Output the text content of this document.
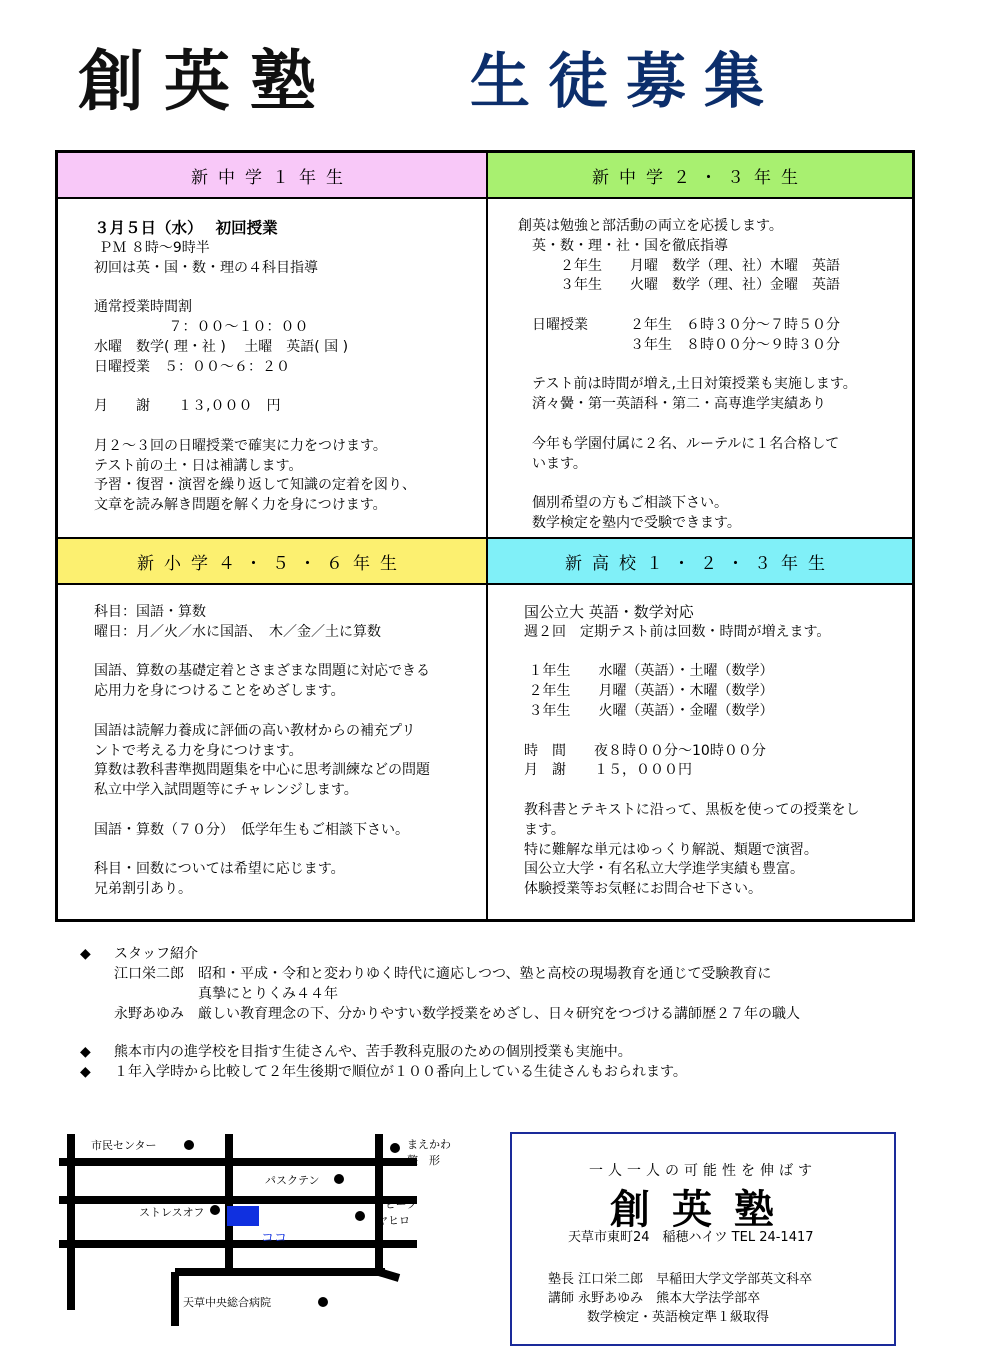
創英塾 生徒募集
新中学１年生	新中学２・３年生
３月５日（水）　 初回授業
ＰＭ ８時〜9時半
初回は英・国・数・理の４科目指導
通常授業時間割
　　　　　 ７：００〜１０：００
水曜　数学( 理・社 )　 土曜　英語( 国 )
日曜授業　５：００〜６：２０
月　　謝　　１３,０００　円
月２〜３回の日曜授業で確実に力をつけます。
テスト前の土・日は補講します。
予習・復習・演習を繰り返して知識の定着を図り、
文章を読み解き問題を解く力を身につけます。
創英は勉強と部活動の両立を応援します。
　英・数・理・社・国を徹底指導
　　　２年生　　月曜　数学（理、社）木曜　英語
　　　３年生　　火曜　数学（理、社）金曜　英語
　日曜授業　　　２年生　６時３０分〜７時５０分
　　　　　　　　３年生　８時００分〜９時３０分
　テスト前は時間が増え,土日対策授業も実施します。
　済々黌・第一英語科・第二・高専進学実績あり
　今年も学園付属に２名、ルーテルに１名合格して
　います。
　個別希望の方もご相談下さい。
　数学検定を塾内で受験できます。
新小学４・５・６年生	新高校１・２・３年生
科目：国語・算数
曜日：月／火／水に国語、　木／金／土に算数
国語、算数の基礎定着とさまざまな問題に対応できる
応用力を身につけることをめざします。
国語は読解力養成に評価の高い教材からの補充プリ
ントで考える力を身につけます。
算数は教科書準拠問題集を中心に思考訓練などの問題
私立中学入試問題等にチャレンジします。
国語・算数（７０分）　低学年生もご相談下さい。
科目・回数については希望に応じます。
兄弟割引あり。
国公立大 英語・数学対応
週２回　定期テスト前は回数・時間が増えます。
１年生　　水曜（英語）・土曜（数学）
２年生　　月曜（英語）・木曜（数学）
３年生　　火曜（英語）・金曜（数学）
時　間　　夜８時００分〜10時００分
月　謝　　１５，０００円
教科書とテキストに沿って、黒板を使っての授業をし
ます。
特に難解な単元はゆっくり解説、類題で演習。
国公立大学・有名私立大学進学実績も豊富。
体験授業等お気軽にお問合せ下さい。
◆ スタッフ紹介
江口栄二郎　昭和・平成・令和と変わりゆく時代に適応しつつ、塾と高校の現場教育を通じて受験教育に
　　　　　　真摯にとりくみ４４年
永野あゆみ　厳しい教育理念の下、分かりやすい数学授業をめざし、日々研究をつづける講師歴２７年の職人
◆ 熊本市内の進学校を目指す生徒さんや、苦手教科克服のための個別授業も実施中。
◆ １年入学時から比較して２年生後期で順位が１００番向上している生徒さんもおられます。
市民センター	まえかわ
整　形
パスクテン
ストレスオフ
ビーフ
ヤヒロ
ココ
天草中央総合病院
一人一人の可能性を伸ばす
創英塾
天草市東町24　稲穂ハイツ TEL 24-1417
塾長 江口栄二郎　早稲田大学文学部英文科卒
講師 永野あゆみ　熊本大学法学部卒
　　　数学検定・英語検定準１級取得
